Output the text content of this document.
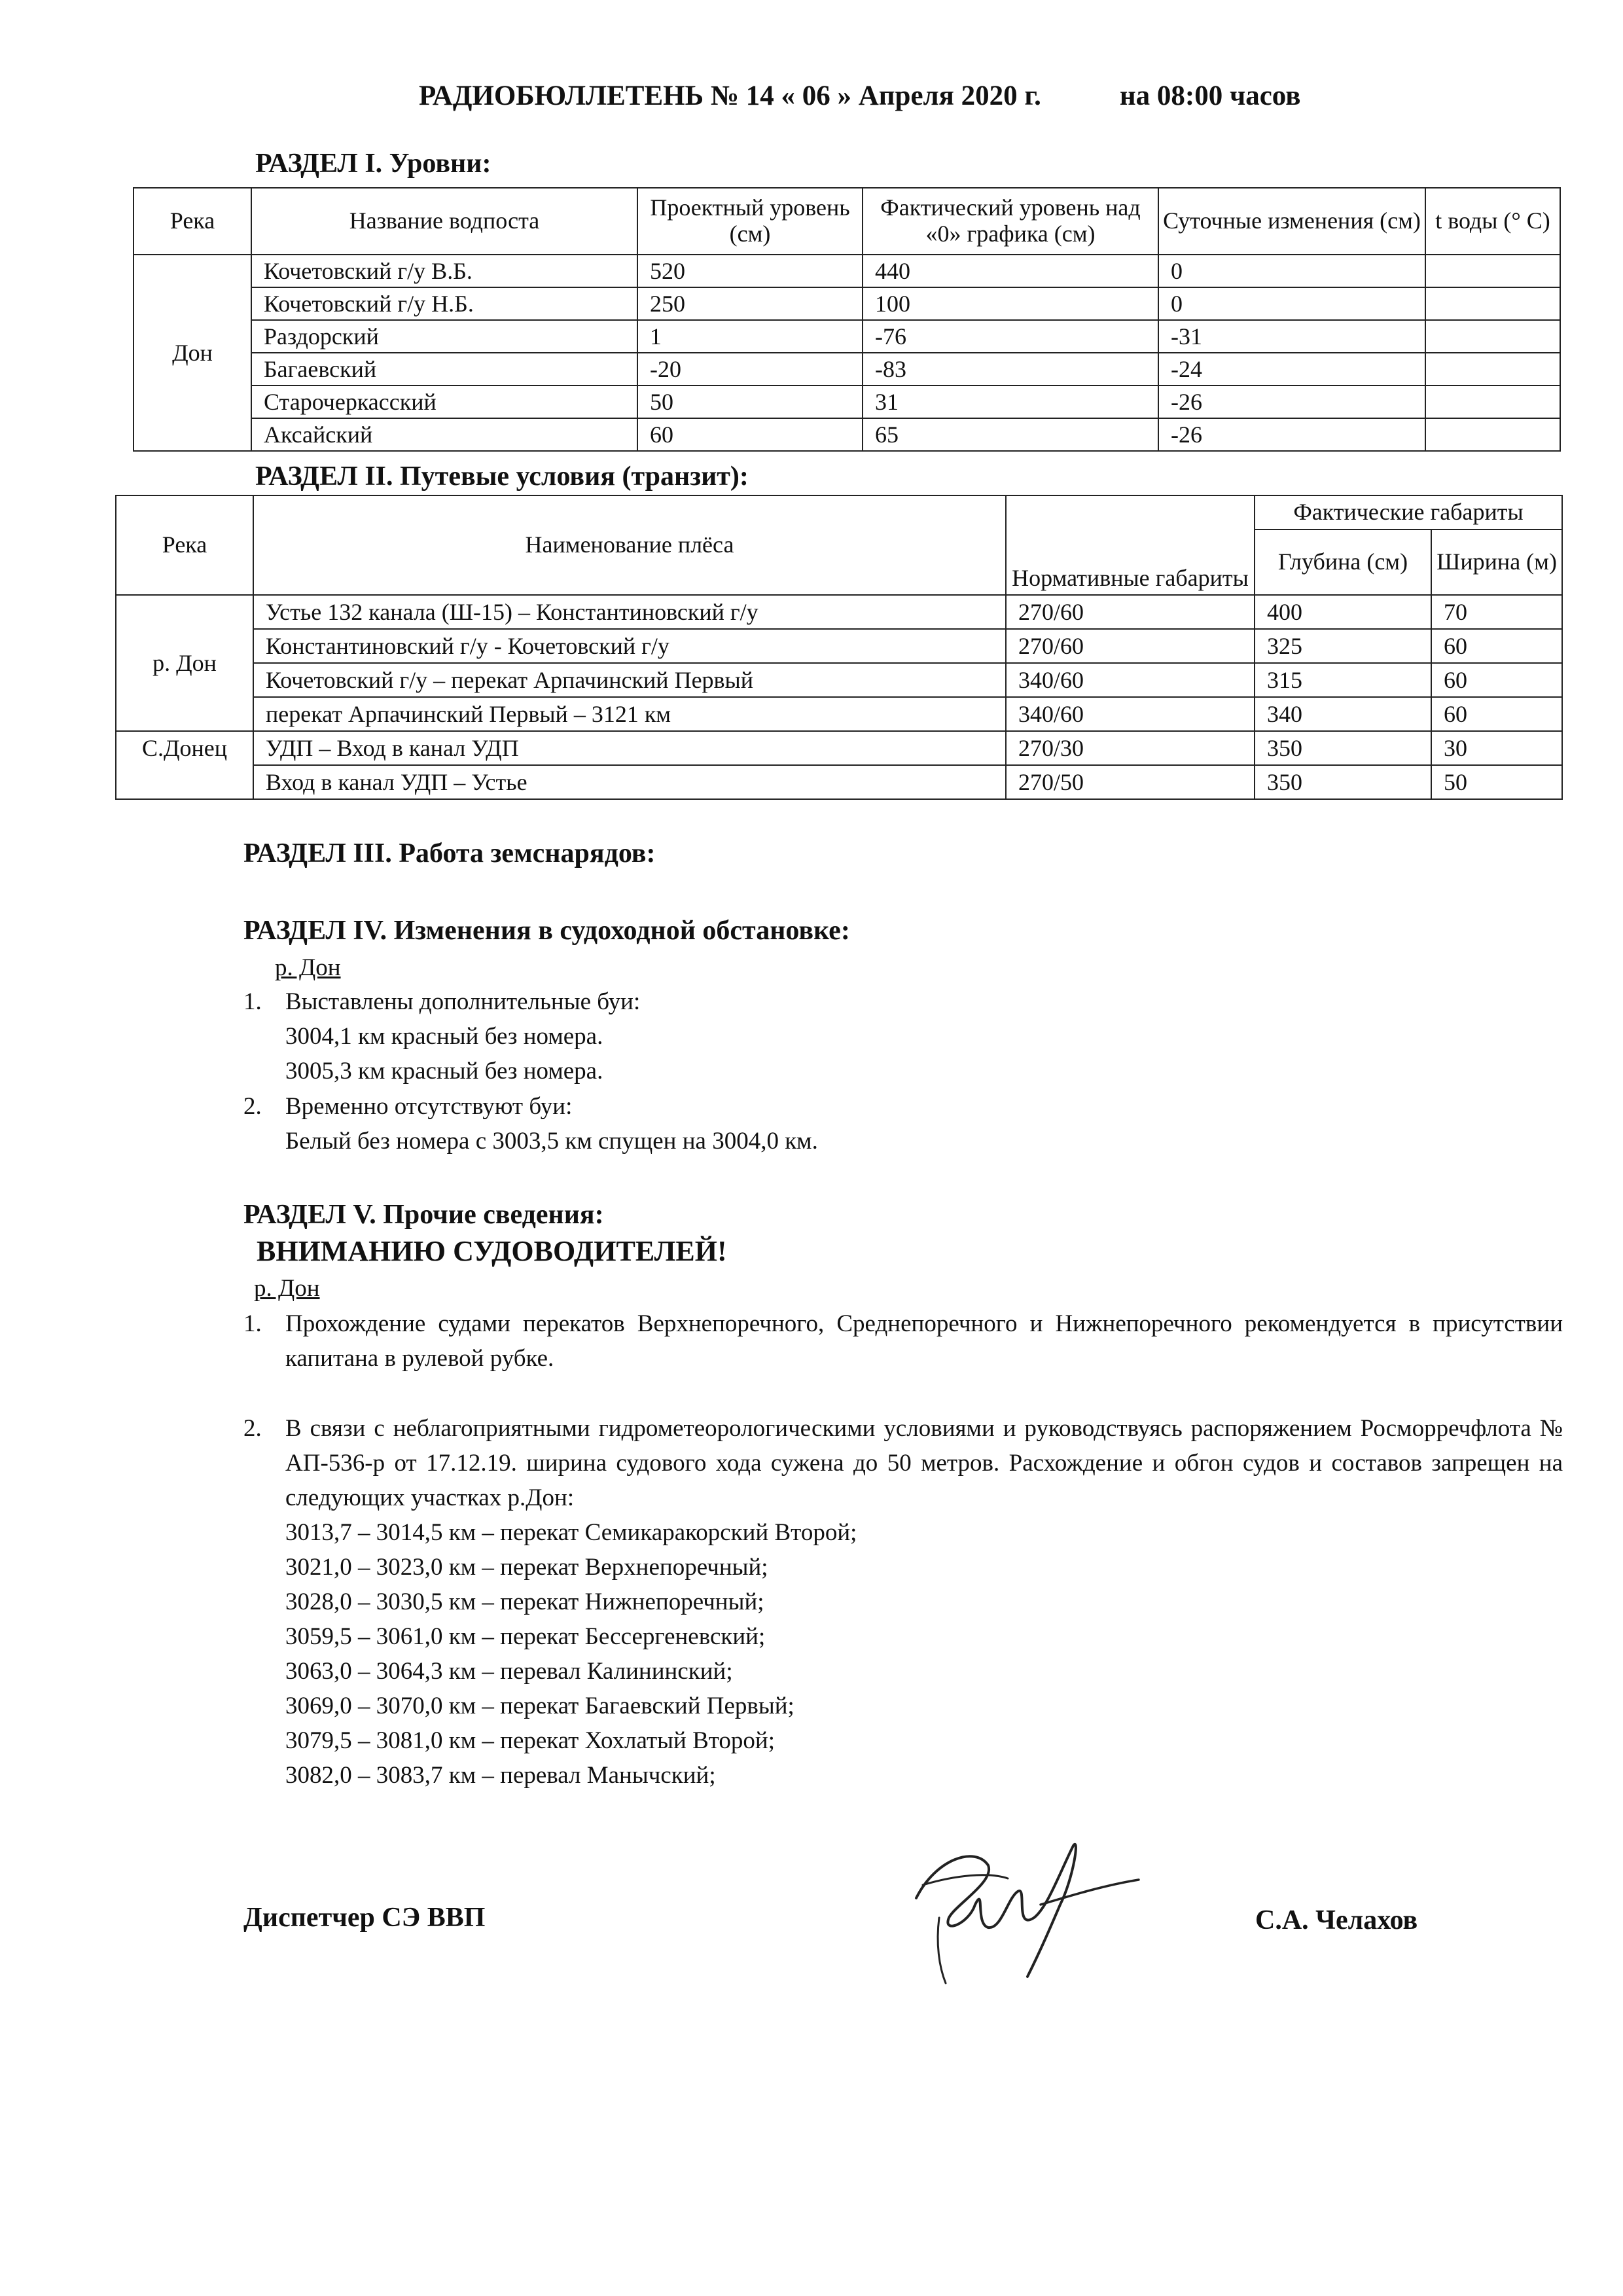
РАДИОБЮЛЛЕТЕНЬ № 14 « 06 » Апреля 2020 г.	на 08:00 часов
РАЗДЕЛ I. Уровни:
Река	Название водпоста	Проектный уровень (см)	Фактический уровень над «0» графика (см)	Суточные изменения (см)	t воды (° С)
Дон	Кочетовский г/у В.Б.	520	440	0	
	Кочетовский г/у Н.Б.	250	100	0	
	Раздорский	1	-76	-31	
	Багаевский	-20	-83	-24	
	Старочеркасский	50	31	-26	
	Аксайский	60	65	-26	
РАЗДЕЛ II. Путевые условия (транзит):
Река	Наименование плёса	Нормативные габариты	Фактические габариты	
			Глубина (см)	Ширина (м)
р. Дон	Устье 132 канала (Ш-15) – Константиновский г/у	270/60	400	70
	Константиновский г/у - Кочетовский г/у	270/60	325	60
	Кочетовский г/у – перекат Арпачинский Первый	340/60	315	60
	перекат Арпачинский Первый – 3121 км	340/60	340	60
С.Донец	УДП – Вход в канал УДП	270/30	350	30
	Вход в канал УДП – Устье	270/50	350	50
РАЗДЕЛ III. Работа земснарядов:
РАЗДЕЛ IV. Изменения в судоходной обстановке:
р. Дон
1. Выставлены дополнительные буи:
3004,1 км красный без номера.
3005,3 км красный без номера.
2. Временно отсутствуют буи:
Белый без номера с 3003,5 км спущен на 3004,0 км.
РАЗДЕЛ V. Прочие сведения:
ВНИМАНИЮ СУДОВОДИТЕЛЕЙ!
р. Дон
1. Прохождение судами перекатов Верхнепоречного, Среднепоречного и Нижнепоречного рекомендуется в присутствии капитана в рулевой рубке.
2. В связи с неблагоприятными гидрометеорологическими условиями и руководствуясь распоряжением Росморречфлота № АП-536-р от 17.12.19. ширина судового хода сужена до 50 метров. Расхождение и обгон судов и составов запрещен на следующих участках р.Дон:
3013,7 – 3014,5 км – перекат Семикаракорский Второй;
3021,0 – 3023,0 км – перекат Верхнепоречный;
3028,0 – 3030,5 км – перекат Нижнепоречный;
3059,5 – 3061,0 км – перекат Бессергеневский;
3063,0 – 3064,3 км – перевал Калининский;
3069,0 – 3070,0 км – перекат Багаевский Первый;
3079,5 – 3081,0 км – перекат Хохлатый Второй;
3082,0 – 3083,7 км – перевал Манычский;
Диспетчер СЭ ВВП	С.А. Челахов
